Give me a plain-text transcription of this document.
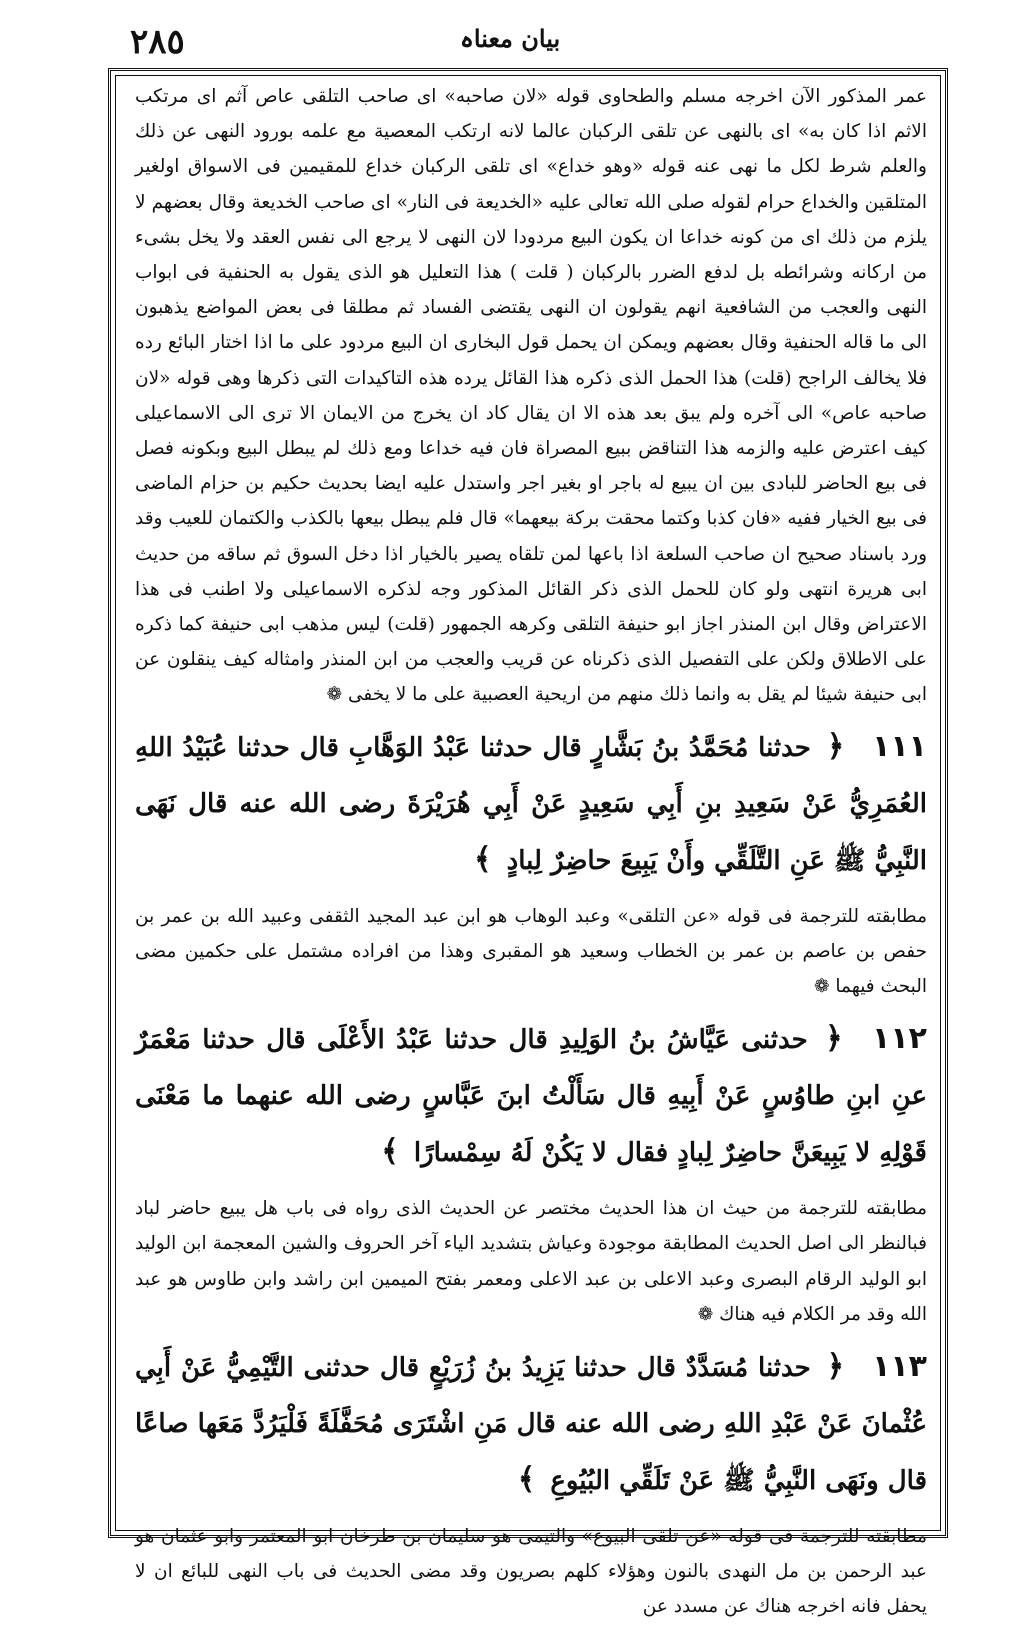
٢٨٥	بیان معناہ

عمر المذكور الآن اخرجه مسلم والطحاوى قوله «لان صاحبه» اى صاحب التلقى عاص آثم اى مرتكب الاثم اذا كان به» اى بالنهى عن تلقى الركبان عالما لانه ارتكب المعصية مع علمه بورود النهى عن ذلك والعلم شرط لكل ما نهى عنه قوله «وهو خداع» اى تلقى الركبان خداع للمقيمين فى الاسواق اولغير المتلقين والخداع حرام لقوله صلى الله تعالى عليه «الخديعة فى النار» اى صاحب الخديعة وقال بعضهم لا يلزم من ذلك اى من كونه خداعا ان يكون البيع مردودا لان النهى لا يرجع الى نفس العقد ولا يخل بشىء من اركانه وشرائطه بل لدفع الضرر بالركبان ( قلت ) هذا التعليل هو الذى يقول به الحنفية فى ابواب النهى والعجب من الشافعية انهم يقولون ان النهى يقتضى الفساد ثم مطلقا فى بعض المواضع يذهبون الى ما قاله الحنفية وقال بعضهم ويمكن ان يحمل قول البخارى ان البيع مردود على ما اذا اختار البائع رده فلا يخالف الراجح (قلت) هذا الحمل الذى ذكره هذا القائل يرده هذه التاكيدات التى ذكرها وهى قوله «لان صاحبه عاص» الى آخره ولم يبق بعد هذه الا ان يقال كاد ان يخرج من الايمان الا ترى الى الاسماعيلى كيف اعترض عليه والزمه هذا التناقض ببيع المصراة فان فيه خداعا ومع ذلك لم يبطل البيع وبكونه فصل فى بيع الحاضر للبادى بين ان يبيع له باجر او بغير اجر واستدل عليه ايضا بحديث حكيم بن حزام الماضى فى بيع الخيار ففيه «فان كذبا وكتما محقت بركة بيعهما» قال فلم يبطل بيعها بالكذب والكتمان للعيب وقد ورد باسناد صحيح ان صاحب السلعة اذا باعها لمن تلقاه يصير بالخيار اذا دخل السوق ثم ساقه من حديث ابى هريرة انتهى ولو كان للحمل الذى ذكر القائل المذكور وجه لذكره الاسماعيلى ولا اطنب فى هذا الاعتراض وقال ابن المنذر اجاز ابو حنيفة التلقى وكرهه الجمهور (قلت) ليس مذهب ابى حنيفة كما ذكره على الاطلاق ولكن على التفصيل الذى ذكرناه عن قريب والعجب من ابن المنذر وامثاله كيف ينقلون عن ابى حنيفة شيئا لم يقل به وانما ذلك منهم من اريحية العصبية على ما لا يخفى ❁

١١١ ﴿ حدثنا مُحَمَّدُ بنُ بَشَّارٍ قال حدثنا عَبْدُ الوَهَّابِ قال حدثنا عُبَيْدُ اللهِ العُمَرِيُّ عَنْ سَعِيدِ بنِ أَبِي سَعِيدٍ عَنْ أَبِي هُرَيْرَةَ رضى الله عنه قال نَهَى النَّبِيُّ ﷺ عَنِ التَّلَقِّي وأَنْ يَبِيعَ حاضِرٌ لِبادٍ ﴾

مطابقته للترجمة فى قوله «عن التلقى» وعبد الوهاب هو ابن عبد المجيد الثقفى وعبيد الله بن عمر بن حفص بن عاصم بن عمر بن الخطاب وسعيد هو المقبرى وهذا من افراده مشتمل على حكمين مضى البحث فيهما ❁

١١٢ ﴿ حدثنى عَيَّاشُ بنُ الوَلِيدِ قال حدثنا عَبْدُ الأَعْلَى قال حدثنا مَعْمَرٌ عنِ ابنِ طاوُسٍ عَنْ أَبِيهِ قال سَأَلْتُ ابنَ عَبَّاسٍ رضى الله عنهما ما مَعْنَى قَوْلِهِ لا يَبِيعَنَّ حاضِرٌ لِبادٍ فقال لا يَكُنْ لَهُ سِمْسارًا ﴾

مطابقته للترجمة من حيث ان هذا الحديث مختصر عن الحديث الذى رواه فى باب هل يبيع حاضر لباد فبالنظر الى اصل الحديث المطابقة موجودة وعياش بتشديد الياء آخر الحروف والشين المعجمة ابن الوليد ابو الوليد الرقام البصرى وعبد الاعلى بن عبد الاعلى ومعمر بفتح الميمين ابن راشد وابن طاوس هو عبد الله وقد مر الكلام فيه هناك ❁

١١٣ ﴿ حدثنا مُسَدَّدٌ قال حدثنا يَزِيدُ بنُ زُرَيْعٍ قال حدثنى التَّيْمِيُّ عَنْ أَبِي عُثْمانَ عَنْ عَبْدِ اللهِ رضى الله عنه قال مَنِ اشْتَرَى مُحَفَّلَةً فَلْيَرُدَّ مَعَها صاعًا قال ونَهَى النَّبِيُّ ﷺ عَنْ تَلَقِّي البُيُوعِ ﴾

مطابقته للترجمة فى قوله «عن تلقى البيوع» والتيمى هو سليمان بن طرخان ابو المعتمر وابو عثمان هو عبد الرحمن بن مل النهدى بالنون وهؤلاء كلهم بصريون وقد مضى الحديث فى باب النهى للبائع ان لا يحفل فانه اخرجه هناك عن مسدد عن
